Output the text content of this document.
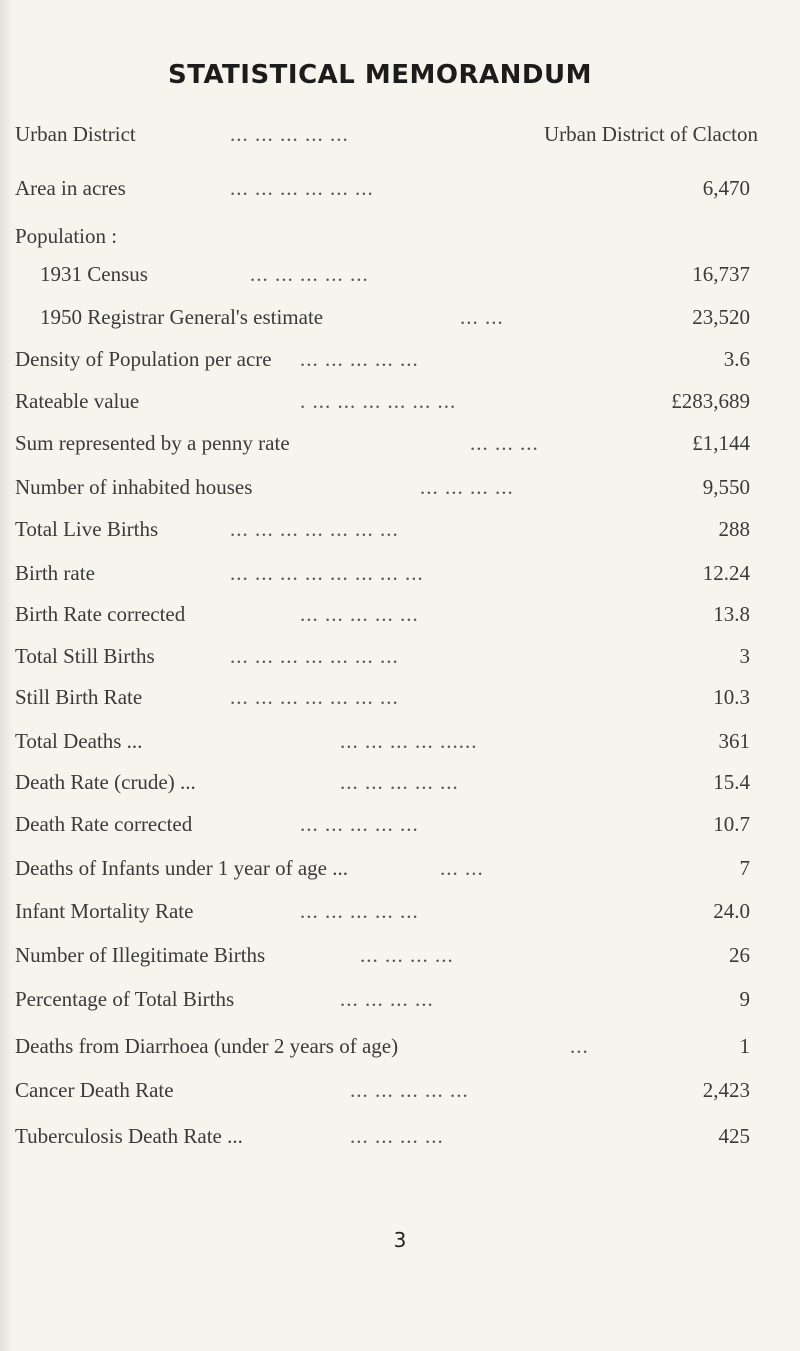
STATISTICAL MEMORANDUM
Urban District	... ... ... ... ...	Urban District of Clacton
Area in acres	... ... ... ... ... ...	6,470
Population :
1931 Census	... ... ... ... ...	16,737
1950 Registrar General's estimate	... ...	23,520
Density of Population per acre ... ... ... ... ...	3.6
Rateable value	. ... ... ... ... ... ...	£283,689
Sum represented by a penny rate	... ... ...	£1,144
Number of inhabited houses	... ... ... ...	9,550
Total Live Births	... ... ... ... ... ... ...	288
Birth rate	... ... ... ... ... ... ... ...	12.24
Birth Rate corrected	... ... ... ... ...	13.8
Total Still Births	... ... ... ... ... ... ...	3
Still Birth Rate	... ... ... ... ... ... ...	10.3
Total Deaths ...	... ... ... ... ......	361
Death Rate (crude) ...	... ... ... ... ...	15.4
Death Rate corrected	... ... ... ... ...	10.7
Deaths of Infants under 1 year of age ...	... ...	7
Infant Mortality Rate	... ... ... ... ...	24.0
Number of Illegitimate Births	... ... ... ...	26
Percentage of Total Births	... ... ... ...	9
Deaths from Diarrhoea (under 2 years of age)	...	1
Cancer Death Rate	... ... ... ... ...	2,423
Tuberculosis Death Rate ...	... ... ... ...	425
3
